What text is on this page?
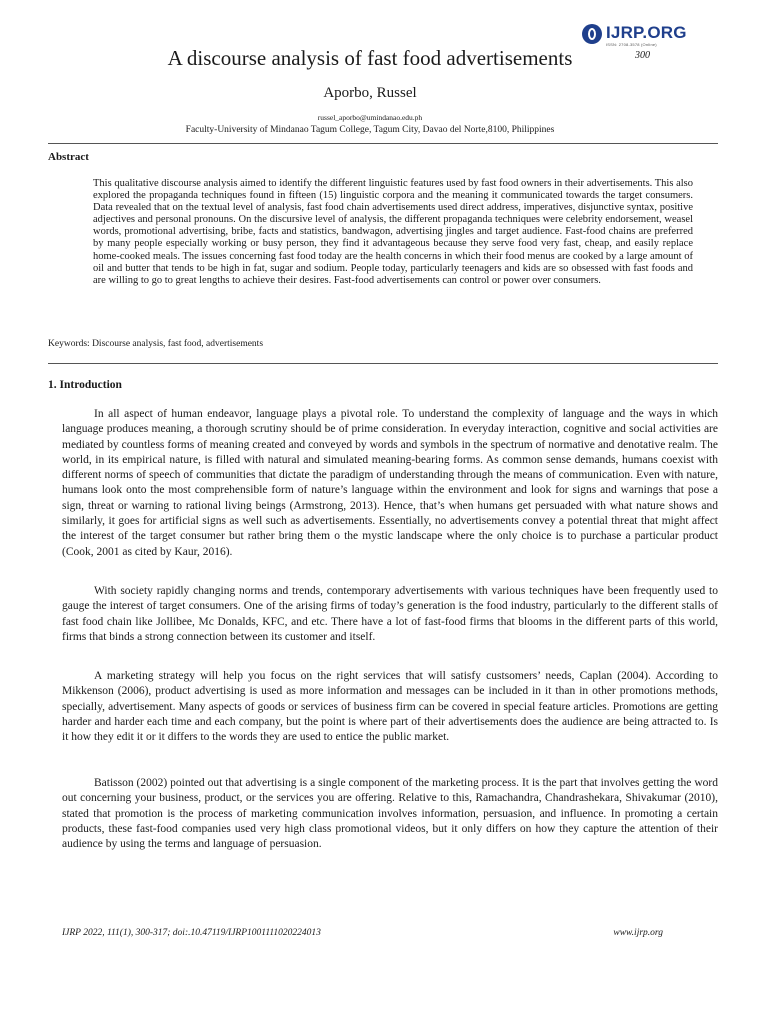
IJRP.ORG
ISSN: 2708-3578 (Online)
300
A discourse analysis of fast food advertisements
Aporbo, Russel
russel_aporbo@umindanao.edu.ph
Faculty-University of Mindanao Tagum College, Tagum City, Davao del Norte,8100, Philippines
Abstract
This qualitative discourse analysis aimed to identify the different linguistic features used by fast food owners in their advertisements. This also explored the propaganda techniques found in fifteen (15) linguistic corpora and the meaning it communicated towards the target consumers. Data revealed that on the textual level of analysis, fast food chain advertisements used direct address, imperatives, disjunctive syntax, positive adjectives and personal pronouns. On the discursive level of analysis, the different propaganda techniques were celebrity endorsement, weasel words, promotional advertising, bribe, facts and statistics, bandwagon, advertising jingles and target audience. Fast-food chains are preferred by many people especially working or busy person, they find it advantageous because they serve food very fast, cheap, and easily replace home-cooked meals. The issues concerning fast food today are the health concerns in which their food menus are cooked by a large amount of oil and butter that tends to be high in fat, sugar and sodium. People today, particularly teenagers and kids are so obsessed with fast foods and are willing to go to great lengths to achieve their desires. Fast-food advertisements can control or power over consumers.
Keywords: Discourse analysis, fast food, advertisements
1. Introduction
In all aspect of human endeavor, language plays a pivotal role. To understand the complexity of language and the ways in which language produces meaning, a thorough scrutiny should be of prime consideration. In everyday interaction, cognitive and social activities are mediated by countless forms of meaning created and conveyed by words and symbols in the spectrum of normative and denotative realm. The world, in its empirical nature, is filled with natural and simulated meaning-bearing forms. As common sense demands, humans coexist with different norms of speech of communities that dictate the paradigm of understanding through the means of communication. Even with nature, humans look onto the most comprehensible form of nature’s language within the environment and look for signs and warnings that pose a sign, threat or warning to rational living beings (Armstrong, 2013). Hence, that’s when humans get persuaded with what nature shows and similarly, it goes for artificial signs as well such as advertisements. Essentially, no advertisements convey a potential threat that might affect the interest of the target consumer but rather bring them o the mystic landscape where the only choice is to purchase a particular product (Cook, 2001 as cited by Kaur, 2016).
With society rapidly changing norms and trends, contemporary advertisements with various techniques have been frequently used to gauge the interest of target consumers. One of the arising firms of today’s generation is the food industry, particularly to the different stalls of fast food chain like Jollibee, Mc Donalds, KFC, and etc. There have a lot of fast-food firms that blooms in the different parts of this world, firms that binds a strong connection between its customer and itself.
A marketing strategy will help you focus on the right services that will satisfy custsomers’ needs, Caplan (2004). According to Mikkenson (2006), product advertising is used as more information and messages can be included in it than in other promotions methods, specially, advertisement. Many aspects of goods or services of business firm can be covered in special feature articles. Promotions are getting harder and harder each time and each company, but the point is where part of their advertisements does the audience are being attracted to. Is it how they edit it or it differs to the words they are used to entice the public market.
Batisson (2002) pointed out that advertising is a single component of the marketing process. It is the part that involves getting the word out concerning your business, product, or the services you are offering. Relative to this, Ramachandra, Chandrashekara, Shivakumar (2010), stated that promotion is the process of marketing communication involves information, persuasion, and influence. In promoting a certain products, these fast-food companies used very high class promotional videos, but it only differs on how they capture the attention of their audience by using the terms and language of persuasion.
IJRP 2022, 111(1), 300-317; doi:.10.47119/IJRP1001111020224013	www.ijrp.org
